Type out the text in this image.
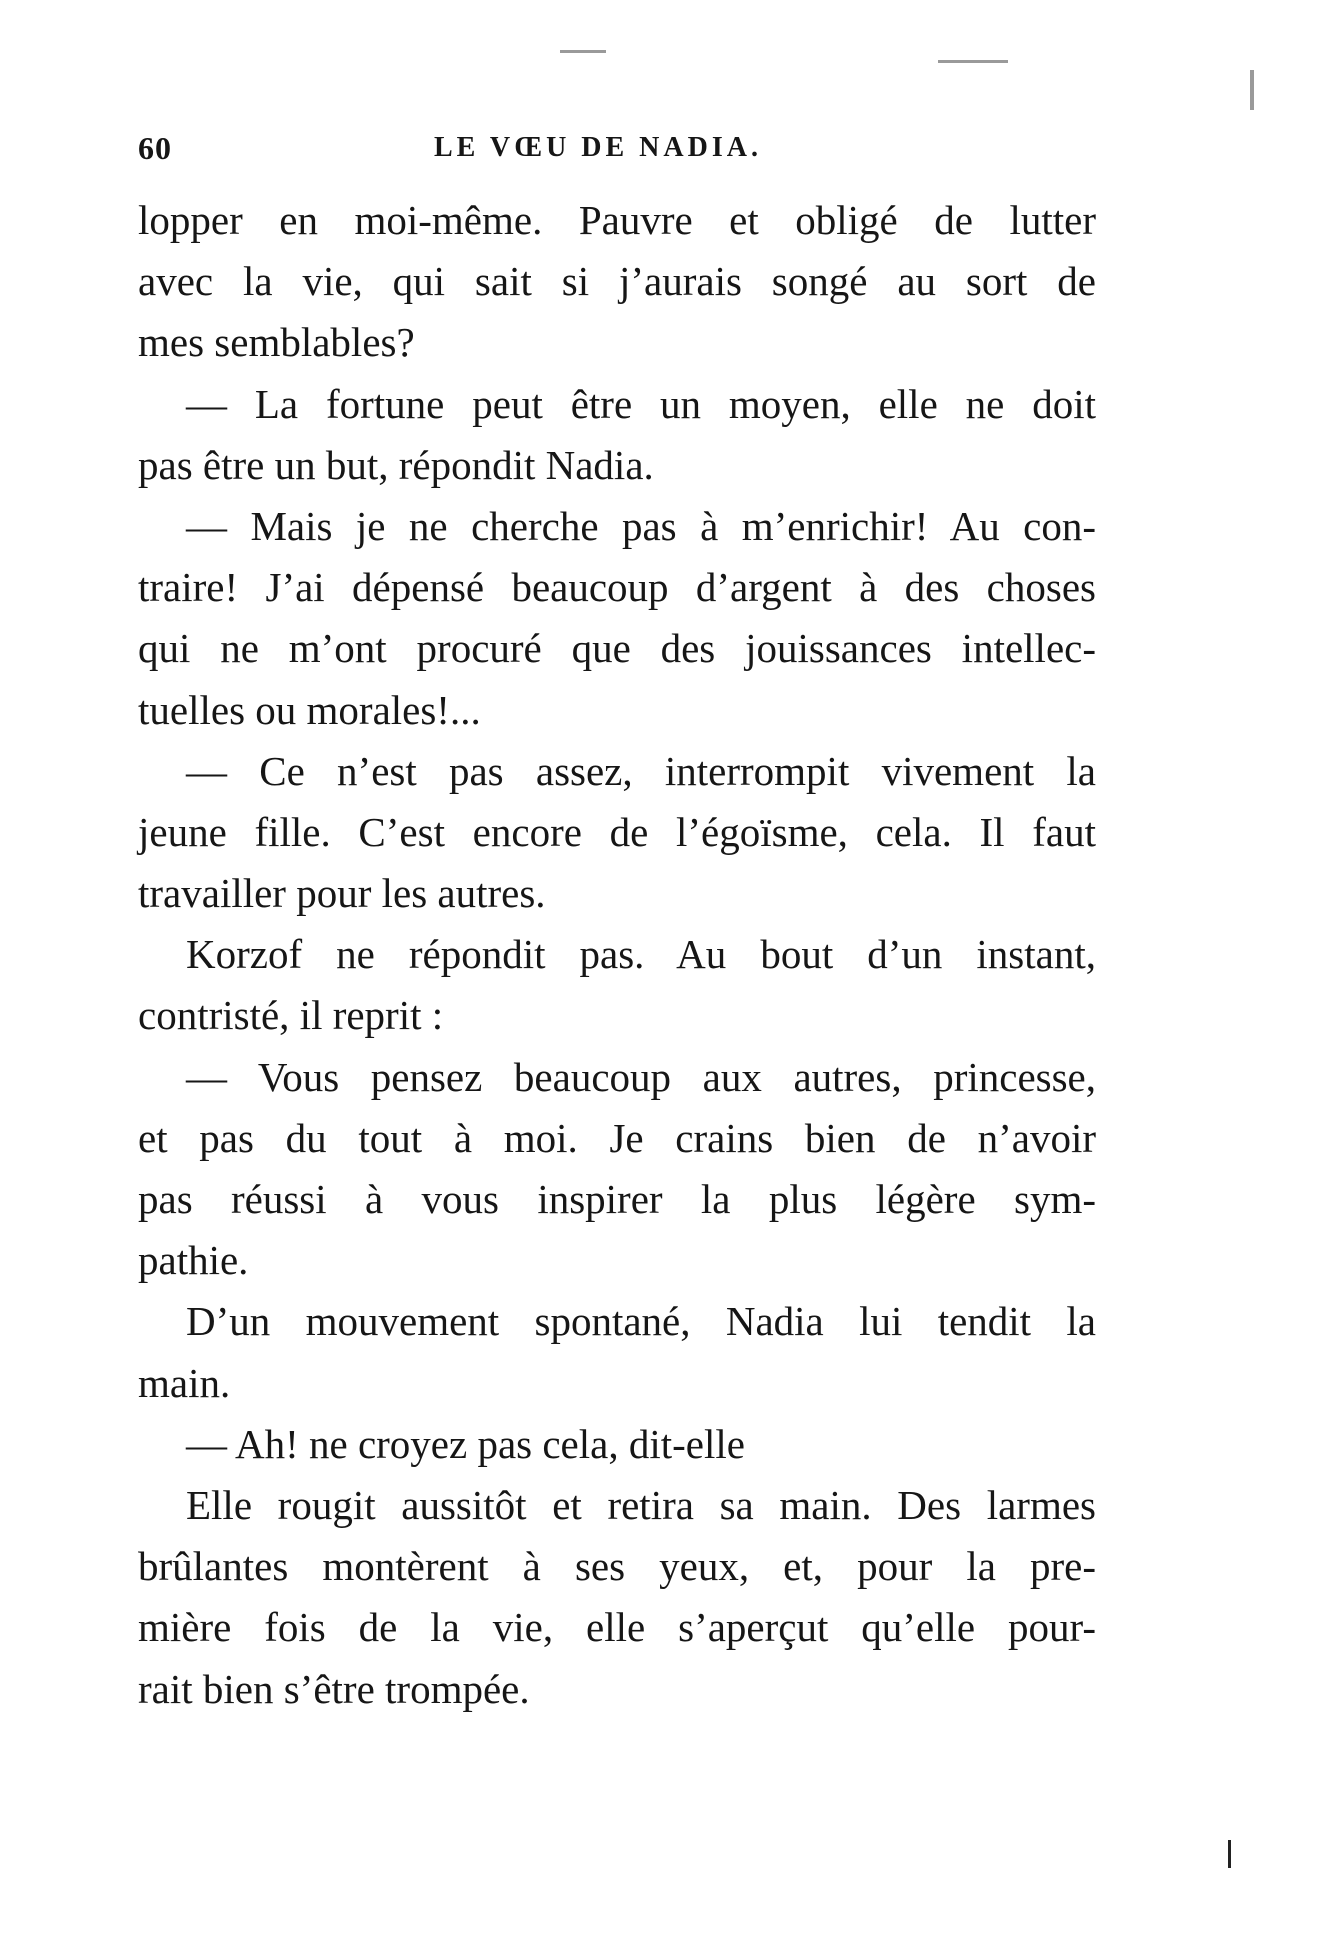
60	LE VŒU DE NADIA.
lopper en moi-même. Pauvre et obligé de lutter
avec la vie, qui sait si j’aurais songé au sort de
mes semblables?
— La fortune peut être un moyen, elle ne doit
pas être un but, répondit Nadia.
— Mais je ne cherche pas à m’enrichir! Au con-
traire! J’ai dépensé beaucoup d’argent à des choses
qui ne m’ont procuré que des jouissances intellec-
tuelles ou morales!...
— Ce n’est pas assez, interrompit vivement la
jeune fille. C’est encore de l’égoïsme, cela. Il faut
travailler pour les autres.
Korzof ne répondit pas. Au bout d’un instant,
contristé, il reprit :
— Vous pensez beaucoup aux autres, princesse,
et pas du tout à moi. Je crains bien de n’avoir
pas réussi à vous inspirer la plus légère sym-
pathie.
D’un mouvement spontané, Nadia lui tendit la
main.
— Ah! ne croyez pas cela, dit-elle
Elle rougit aussitôt et retira sa main. Des larmes
brûlantes montèrent à ses yeux, et, pour la pre-
mière fois de la vie, elle s’aperçut qu’elle pour-
rait bien s’être trompée.
